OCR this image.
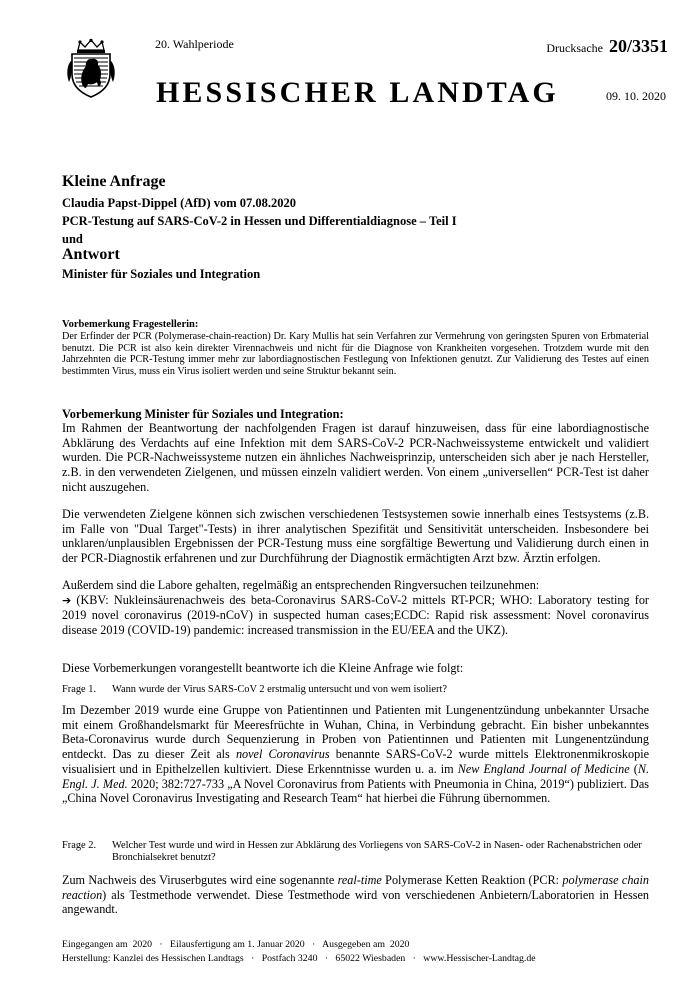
20. Wahlperiode
HESSISCHER LANDTAG
Drucksache 20/3351
09. 10. 2020
Kleine Anfrage
Claudia Papst-Dippel (AfD) vom 07.08.2020
PCR-Testung auf SARS-CoV-2 in Hessen und Differentialdiagnose – Teil I
und
Antwort
Minister für Soziales und Integration
Vorbemerkung Fragestellerin:
Der Erfinder der PCR (Polymerase-chain-reaction) Dr. Kary Mullis hat sein Verfahren zur Vermehrung von geringsten Spuren von Erbmaterial benutzt. Die PCR ist also kein direkter Virennachweis und nicht für die Diagnose von Krankheiten vorgesehen. Trotzdem wurde mit den Jahrzehnten die PCR-Testung immer mehr zur labordiagnostischen Festlegung von Infektionen genutzt. Zur Validierung des Testes auf einen bestimmten Virus, muss ein Virus isoliert werden und seine Struktur bekannt sein.
Vorbemerkung Minister für Soziales und Integration:

Im Rahmen der Beantwortung der nachfolgenden Fragen ist darauf hinzuweisen, dass für eine labordiagnostische Abklärung des Verdachts auf eine Infektion mit dem SARS-CoV-2 PCR-Nachweissysteme entwickelt und validiert wurden. Die PCR-Nachweissysteme nutzen ein ähnliches Nachweisprinzip, unterscheiden sich aber je nach Hersteller, z.B. in den verwendeten Zielgenen, und müssen einzeln validiert werden. Von einem „universellen“ PCR-Test ist daher nicht auszugehen.

Die verwendeten Zielgene können sich zwischen verschiedenen Testsystemen sowie innerhalb eines Testsystems (z.B. im Falle von "Dual Target"-Tests) in ihrer analytischen Spezifität und Sensitivität unterscheiden. Insbesondere bei unklaren/unplausiblen Ergebnissen der PCR-Testung muss eine sorgfältige Bewertung und Validierung durch einen in der PCR-Diagnostik erfahrenen und zur Durchführung der Diagnostik ermächtigten Arzt bzw. Ärztin erfolgen.

Außerdem sind die Labore gehalten, regelmäßig an entsprechenden Ringversuchen teilzunehmen:
➔ (KBV: Nukleinsäurenachweis des beta-Coronavirus SARS-CoV-2 mittels RT-PCR; WHO: Laboratory testing for 2019 novel coronavirus (2019-nCoV) in suspected human cases;ECDC: Rapid risk assessment: Novel coronavirus disease 2019 (COVID-19) pandemic: increased transmission in the EU/EEA and the UKZ).

Diese Vorbemerkungen vorangestellt beantworte ich die Kleine Anfrage wie folgt:

Frage 1.	Wann wurde der Virus SARS-CoV 2 erstmalig untersucht und von wem isoliert?

Im Dezember 2019 wurde eine Gruppe von Patientinnen und Patienten mit Lungenentzündung unbekannter Ursache mit einem Großhandelsmarkt für Meeresfrüchte in Wuhan, China, in Verbindung gebracht. Ein bisher unbekanntes Beta-Coronavirus wurde durch Sequenzierung in Proben von Patientinnen und Patienten mit Lungenentzündung entdeckt. Das zu dieser Zeit als novel Coronavirus benannte SARS-CoV-2 wurde mittels Elektronenmikroskopie visualisiert und in Epithelzellen kultiviert. Diese Erkenntnisse wurden u. a. im New England Journal of Medicine (N. Engl. J. Med. 2020; 382:727-733 „A Novel Coronavirus from Patients with Pneumonia in China, 2019“) publiziert. Das „China Novel Coronavirus Investigating and Research Team“ hat hierbei die Führung übernommen.

Frage 2.	Welcher Test wurde und wird in Hessen zur Abklärung des Vorliegens von SARS-CoV-2 in Nasen- oder Rachenabstrichen oder Bronchialsekret benutzt?

Zum Nachweis des Viruserbgutes wird eine sogenannte real-time Polymerase Ketten Reaktion (PCR: polymerase chain reaction) als Testmethode verwendet. Diese Testmethode wird von verschiedenen Anbietern/Laboratorien in Hessen angewandt.

Eingegangen am  2020   ·   Eilausfertigung am 1. Januar 2020   ·   Ausgegeben am  2020
Herstellung: Kanzlei des Hessischen Landtags   ·   Postfach 3240   ·   65022 Wiesbaden   ·   www.Hessischer-Landtag.de
